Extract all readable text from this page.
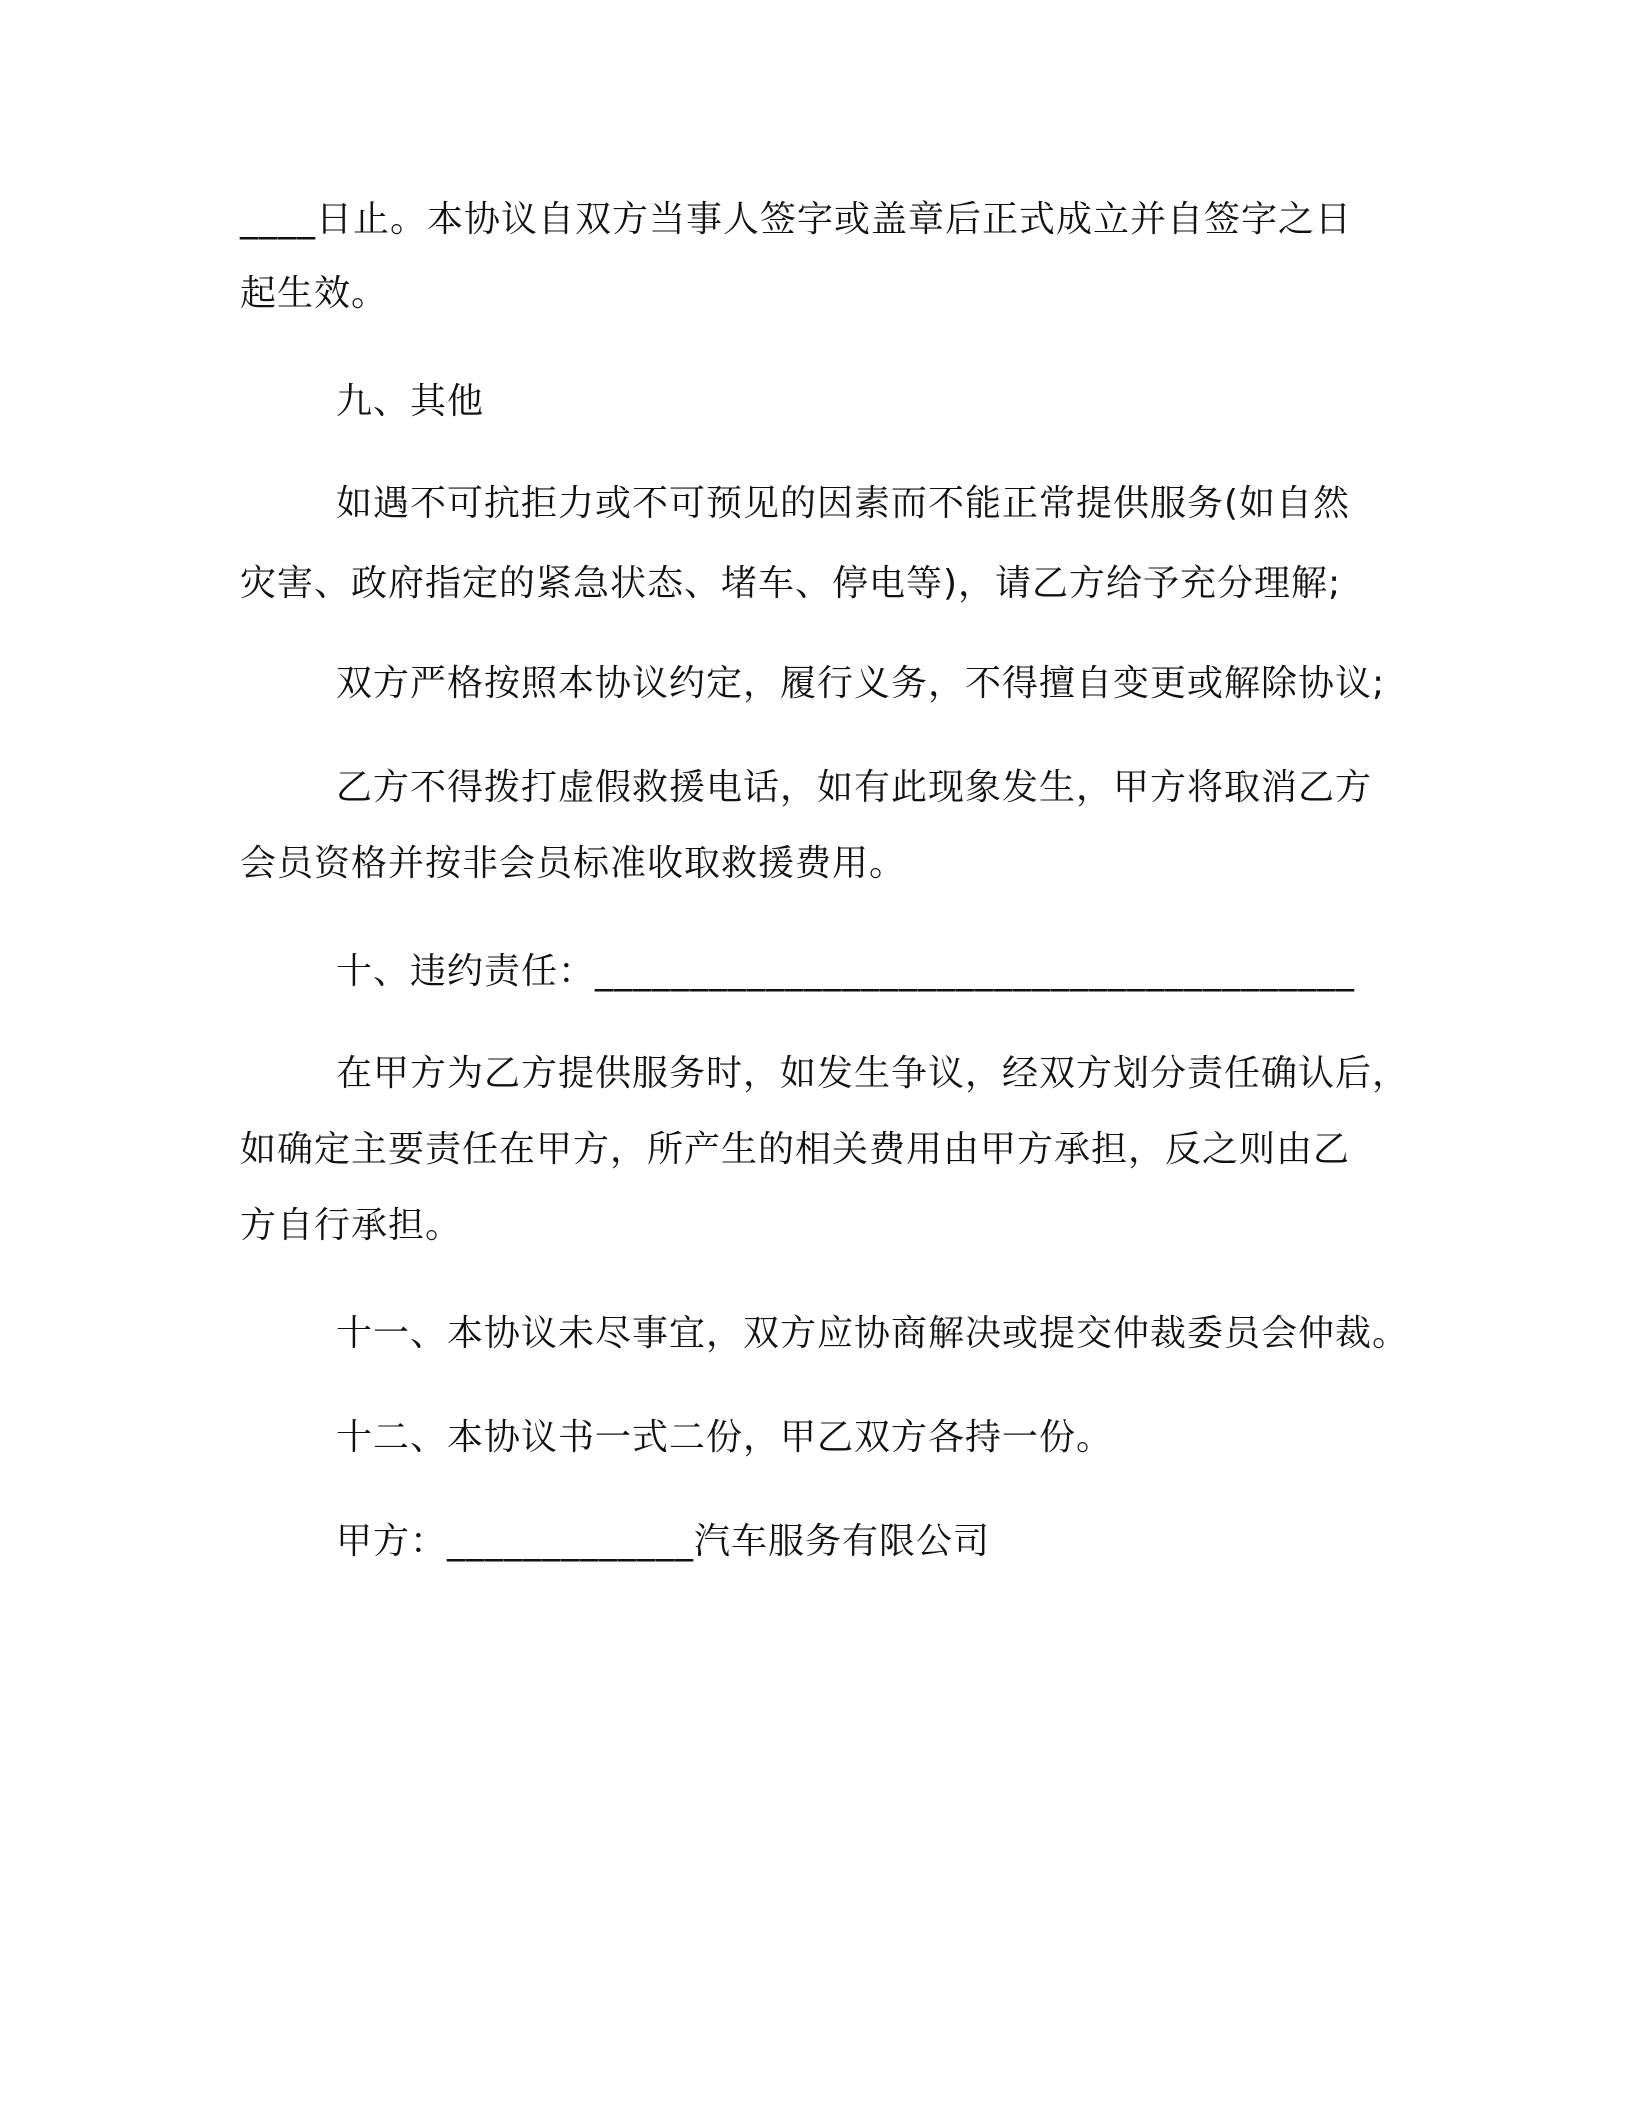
____日止。本协议自双方当事人签字或盖章后正式成立并自签字之日
起生效。
九、其他
如遇不可抗拒力或不可预见的因素而不能正常提供服务(如自然
灾害、政府指定的紧急状态、堵车、停电等)，请乙方给予充分理解;
双方严格按照本协议约定，履行义务，不得擅自变更或解除协议;
乙方不得拨打虚假救援电话，如有此现象发生，甲方将取消乙方
会员资格并按非会员标准收取救援费用。
十、违约责任：________________________________________
在甲方为乙方提供服务时，如发生争议，经双方划分责任确认后，
如确定主要责任在甲方，所产生的相关费用由甲方承担，反之则由乙
方自行承担。
十一、本协议未尽事宜，双方应协商解决或提交仲裁委员会仲裁。
十二、本协议书一式二份，甲乙双方各持一份。
甲方：_____________汽车服务有限公司
